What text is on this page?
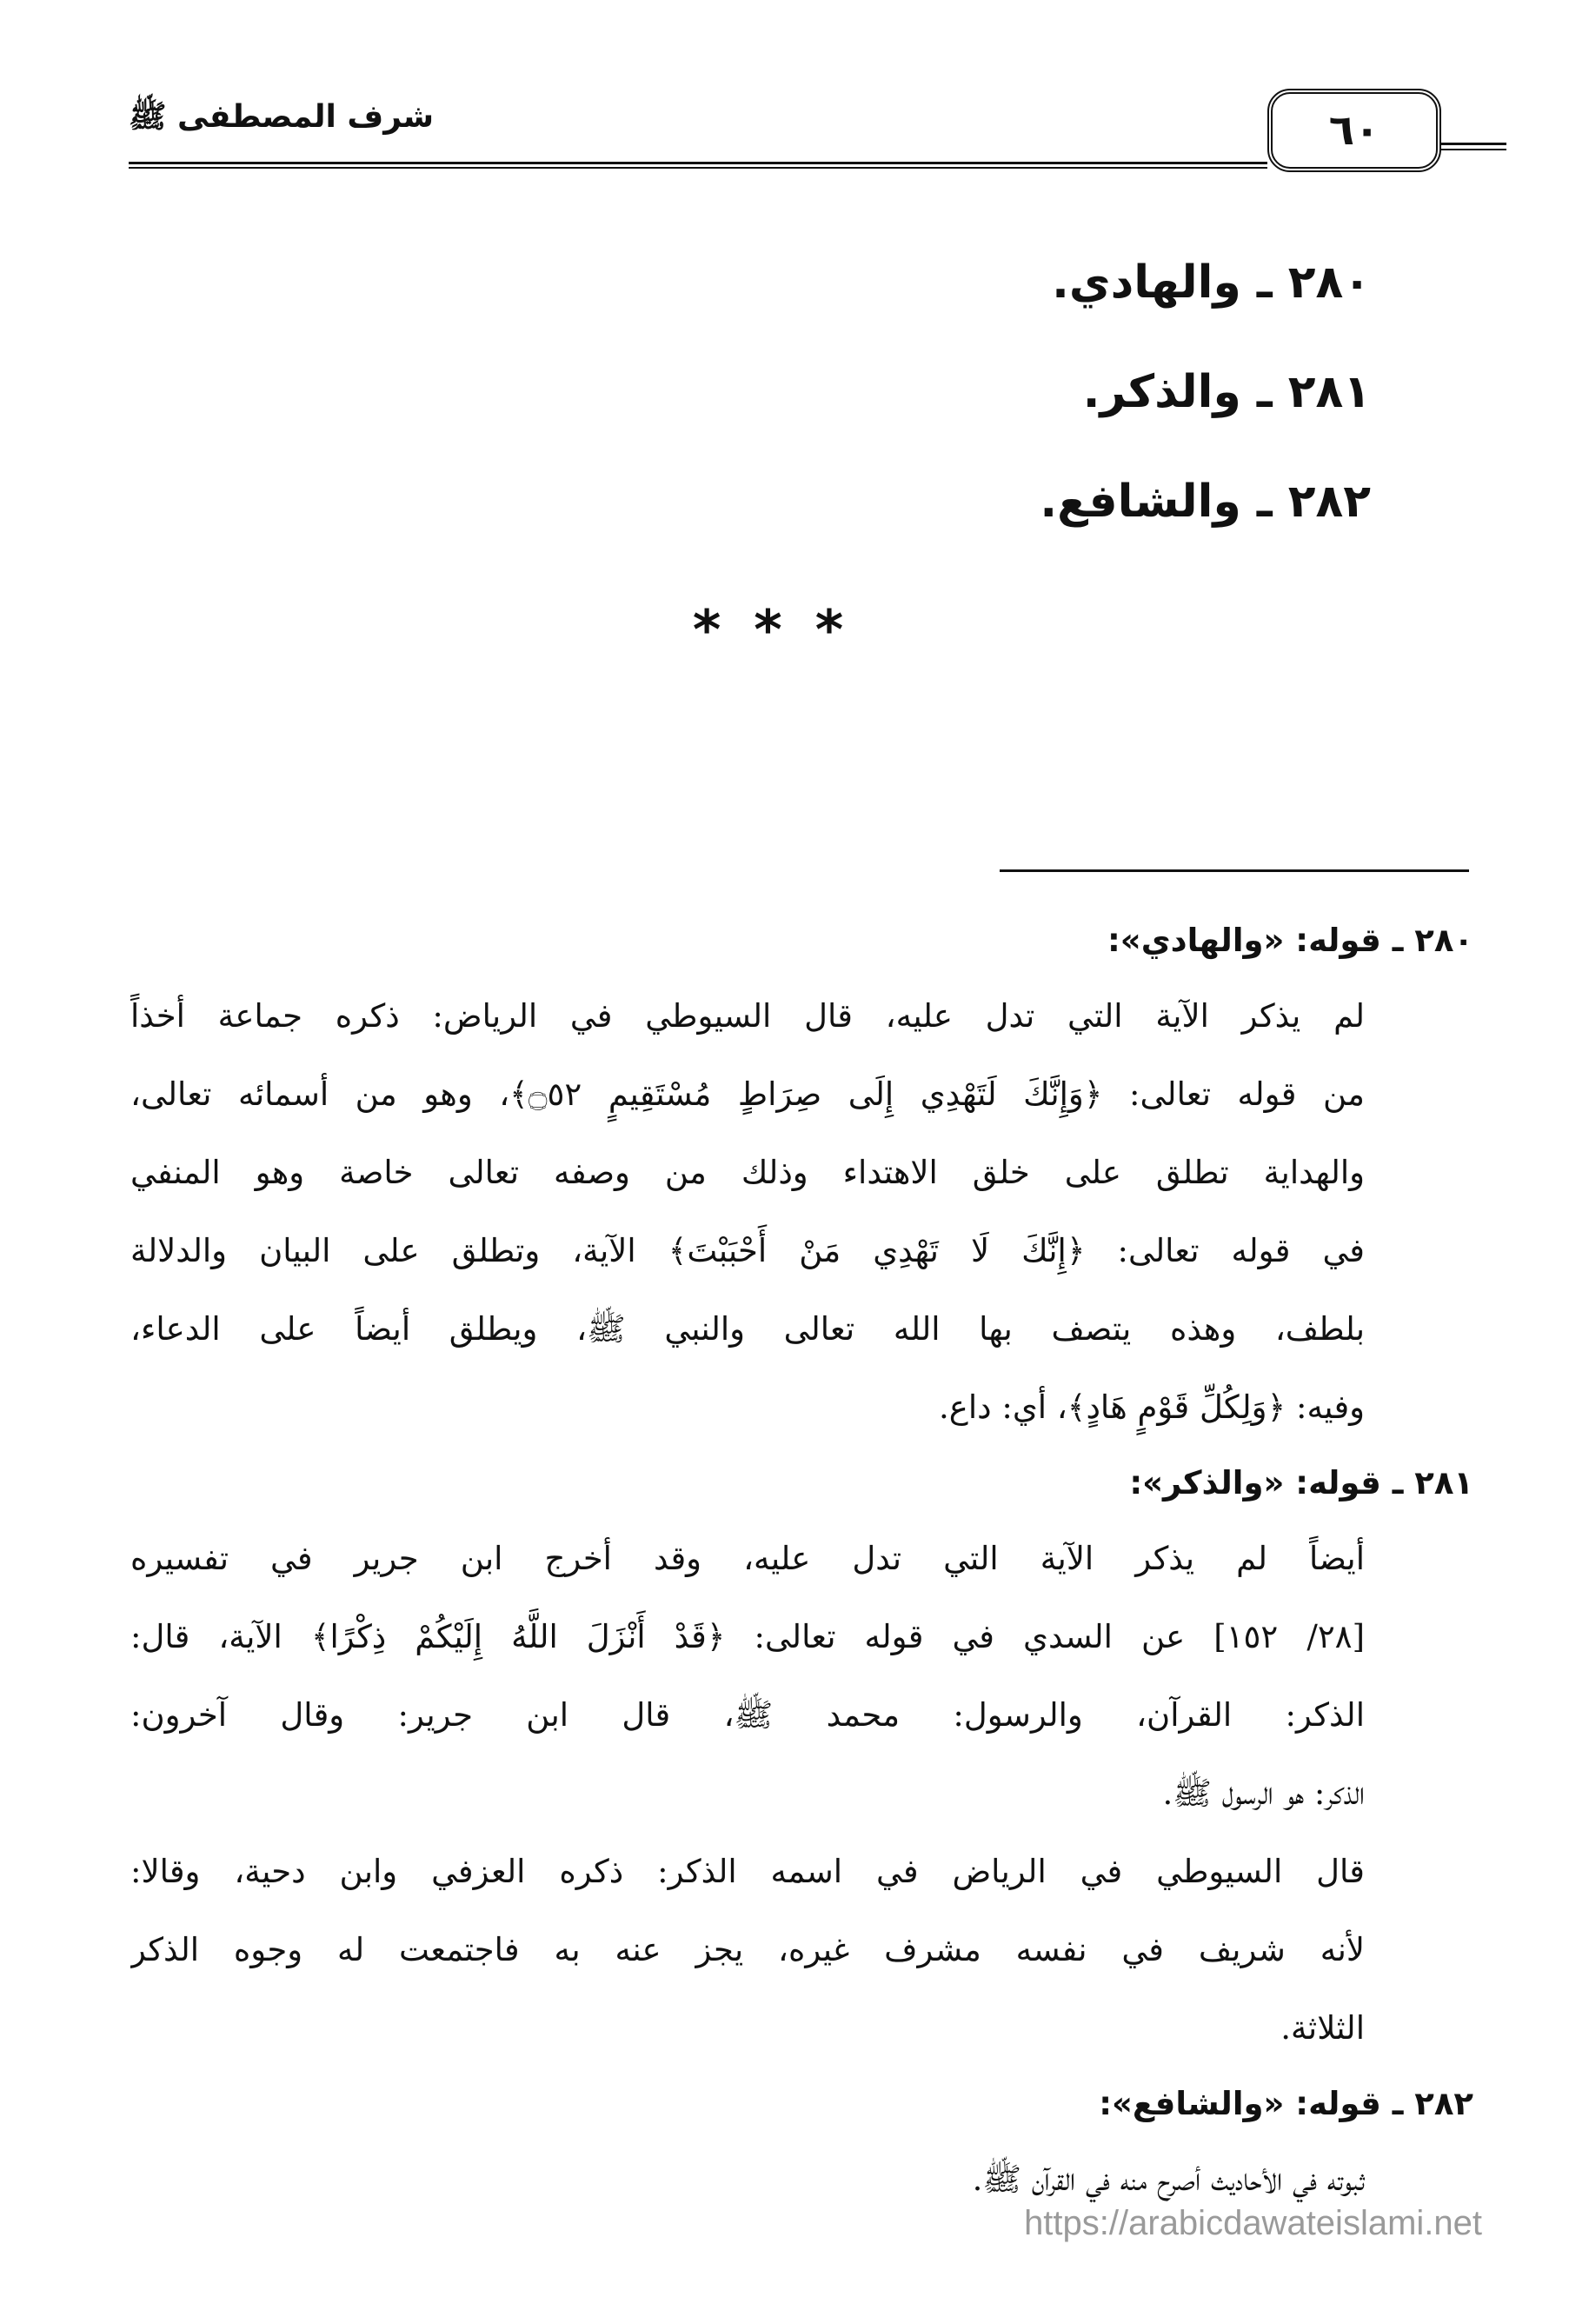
شرف المصطفى ﷺ	٦٠
٢٨٠ ـ والهادي.
٢٨١ ـ والذكر.
٢٨٢ ـ والشافع.
***
٢٨٠ ـ قوله: «والهادي»:
لم يذكر الآية التي تدل عليه، قال السيوطي في الرياض: ذكره جماعة أخذاً
من قوله تعالى: ﴿وَإِنَّكَ لَتَهْدِي إِلَى صِرَاطٍ مُسْتَقِيمٍ ۝٥٢﴾، وهو من أسمائه تعالى،
والهداية تطلق على خلق الاهتداء وذلك من وصفه تعالى خاصة وهو المنفي
في قوله تعالى: ﴿إِنَّكَ لَا تَهْدِي مَنْ أَحْبَبْتَ﴾ الآية، وتطلق على البيان والدلالة
بلطف، وهذه يتصف بها الله تعالى والنبي ﷺ، ويطلق أيضاً على الدعاء،
وفيه: ﴿وَلِكُلِّ قَوْمٍ هَادٍ﴾، أي: داع.
٢٨١ ـ قوله: «والذكر»:
أيضاً لم يذكر الآية التي تدل عليه، وقد أخرج ابن جرير في تفسيره
[٢٨/ ١٥٢] عن السدي في قوله تعالى: ﴿قَدْ أَنْزَلَ اللَّهُ إِلَيْكُمْ ذِكْرًا﴾ الآية، قال:
الذكر: القرآن، والرسول: محمد ﷺ، قال ابن جرير: وقال آخرون:
الذكر: هو الرسول ﷺ.
قال السيوطي في الرياض في اسمه الذكر: ذكره العزفي وابن دحية، وقالا:
لأنه شريف في نفسه مشرف غيره، يجز عنه به فاجتمعت له وجوه الذكر
الثلاثة.
٢٨٢ ـ قوله: «والشافع»:
ثبوته في الأحاديث أصرح منه في القرآن ﷺ.
https://arabicdawateislami.net
